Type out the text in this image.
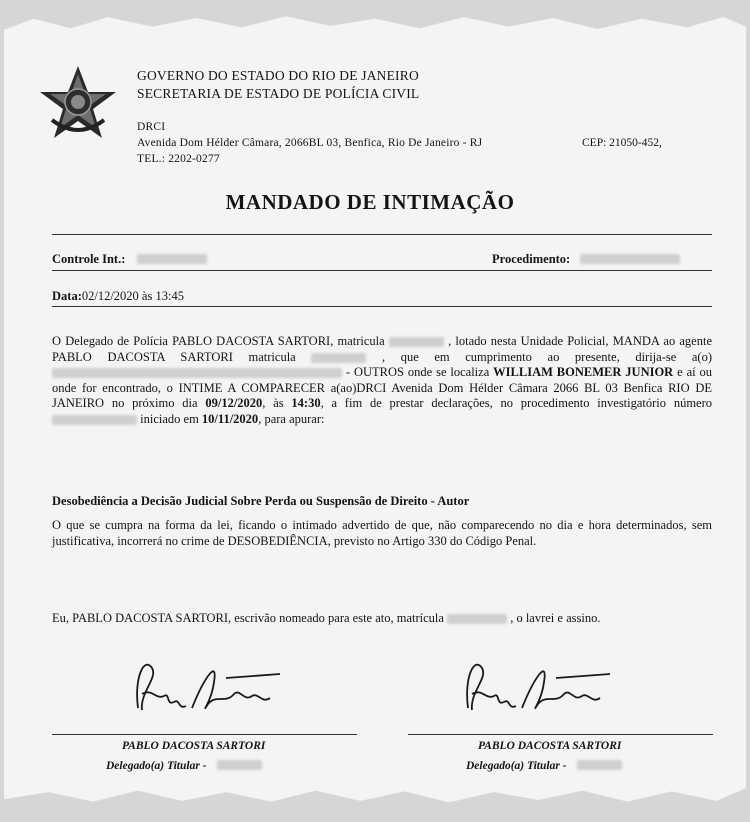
GOVERNO DO ESTADO DO RIO DE JANEIRO
SECRETARIA DE ESTADO DE POLÍCIA CIVIL
DRCI
Avenida Dom Hélder Câmara, 2066BL 03, Benfica, Rio De Janeiro - RJ	CEP: 21050-452,
TEL.: 2202-0277
MANDADO DE INTIMAÇÃO
Controle Int.:	Procedimento:
Data:02/12/2020 às 13:45
O Delegado de Polícia PABLO DACOSTA SARTORI, matricula	, lotado nesta Unidade Policial, MANDA ao agente PABLO DACOSTA SARTORI matricula	, que em cumprimento ao presente, dirija-se a(o)  - OUTROS onde se localiza WILLIAM BONEMER JUNIOR e aí ou onde for encontrado, o INTIME A COMPARECER a(ao)DRCI Avenida Dom Hélder Câmara 2066 BL 03 Benfica RIO DE JANEIRO no próximo dia 09/12/2020, às 14:30, a fim de prestar declarações, no procedimento investigatório número  iniciado em 10/11/2020, para apurar:
Desobediência a Decisão Judicial Sobre Perda ou Suspensão de Direito - Autor
O que se cumpra na forma da lei, ficando o intimado advertido de que, não comparecendo no dia e hora determinados, sem justificativa, incorrerá no crime de DESOBEDIÊNCIA, previsto no Artigo 330 do Código Penal.
Eu, PABLO DACOSTA SARTORI, escrivão nomeado para este ato, matrícula	, o lavrei e assino.
PABLO DACOSTA SARTORI
Delegado(a) Titular -
PABLO DACOSTA SARTORI
Delegado(a) Titular -
